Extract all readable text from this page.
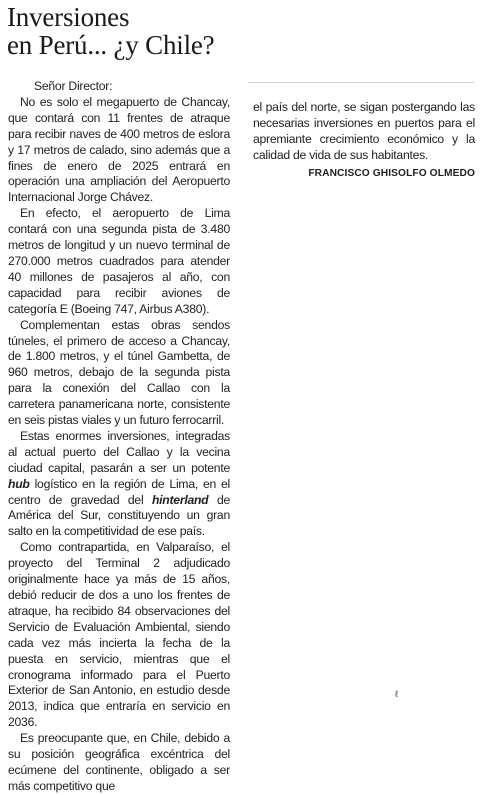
Inversiones
en Perú... ¿y Chile?

Señor Director:

No es solo el megapuerto de Chancay, que contará con 11 frentes de atraque para recibir naves de 400 metros de eslora y 17 metros de calado, sino además que a fines de enero de 2025 entrará en operación una ampliación del Aeropuerto Internacional Jorge Chávez.

En efecto, el aeropuerto de Lima contará con una segunda pista de 3.480 metros de longitud y un nuevo terminal de 270.000 metros cuadrados para atender 40 millones de pasajeros al año, con capacidad para recibir aviones de categoría E (Boeing 747, Airbus A380).

Complementan estas obras sendos túneles, el primero de acceso a Chancay, de 1.800 metros, y el túnel Gambetta, de 960 metros, debajo de la segunda pista para la conexión del Callao con la carretera panamericana norte, consistente en seis pistas viales y un futuro ferrocarril.

Estas enormes inversiones, integradas al actual puerto del Callao y la vecina ciudad capital, pasarán a ser un potente hub logístico en la región de Lima, en el centro de gravedad del hinterland de América del Sur, constituyendo un gran salto en la competitividad de ese país.

Como contrapartida, en Valparaíso, el proyecto del Terminal 2 adjudicado originalmente hace ya más de 15 años, debió reducir de dos a uno los frentes de atraque, ha recibido 84 observaciones del Servicio de Evaluación Ambiental, siendo cada vez más incierta la fecha de la puesta en servicio, mientras que el cronograma informado para el Puerto Exterior de San Antonio, en estudio desde 2013, indica que entraría en servicio en 2036.

Es preocupante que, en Chile, debido a su posición geográfica excéntrica del ecúmene del continente, obligado a ser más competitivo que

el país del norte, se sigan postergando las necesarias inversiones en puertos para el apremiante crecimiento económico y la calidad de vida de sus habitantes.

FRANCISCO GHISOLFO OLMEDO
ℓ
